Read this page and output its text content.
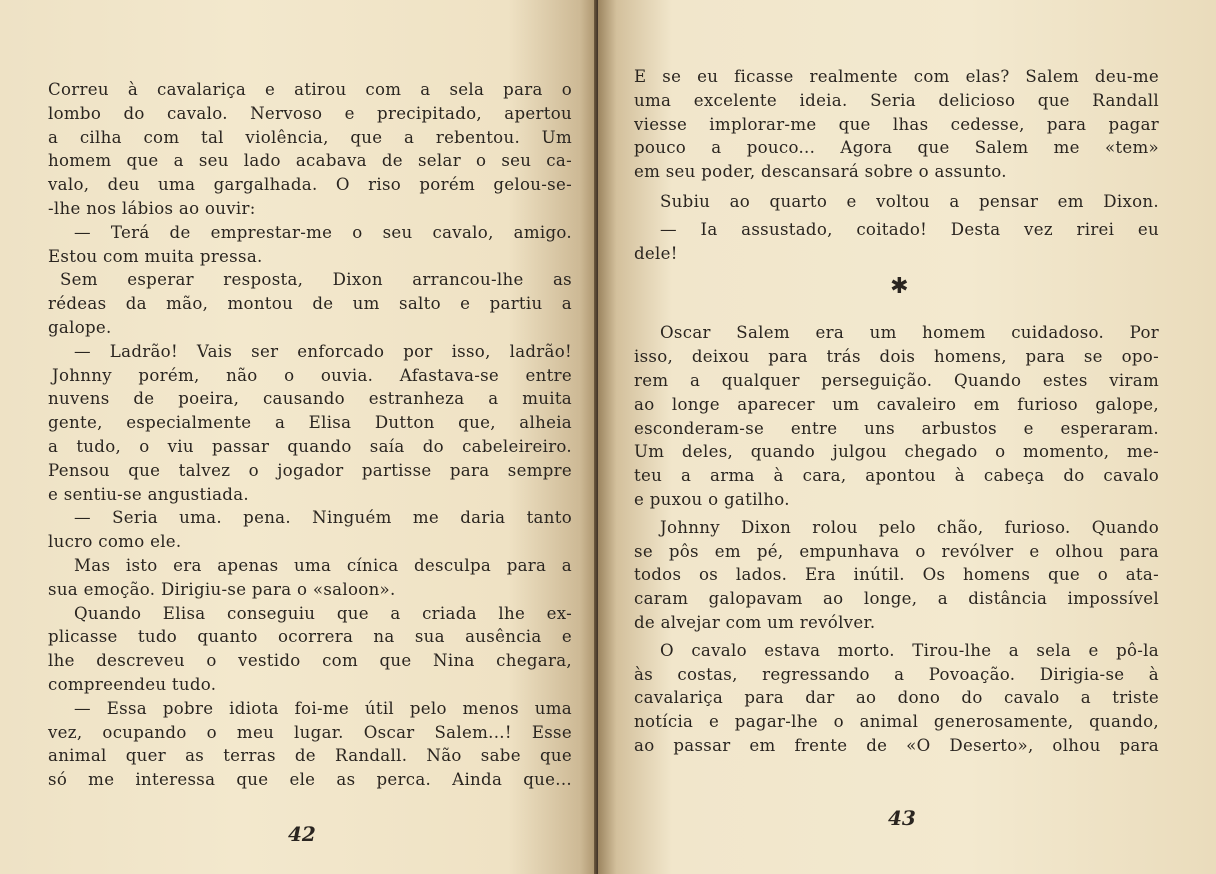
Correu à cavalariça e atirou com a sela para o
lombo do cavalo. Nervoso e precipitado, apertou
a cilha com tal violência, que a rebentou. Um
homem que a seu lado acabava de selar o seu ca-
valo, deu uma gargalhada. O riso porém gelou-se-
-lhe nos lábios ao ouvir:
— Terá de emprestar-me o seu cavalo, amigo.
Estou com muita pressa.
Sem esperar resposta, Dixon arrancou-lhe as
rédeas da mão, montou de um salto e partiu a
galope.
— Ladrão! Vais ser enforcado por isso, ladrão!
Johnny porém, não o ouvia. Afastava-se entre
nuvens de poeira, causando estranheza a muita
gente, especialmente a Elisa Dutton que, alheia
a tudo, o viu passar quando saía do cabeleireiro.
Pensou que talvez o jogador partisse para sempre
e sentiu-se angustiada.
— Seria uma. pena. Ninguém me daria tanto
lucro como ele.
Mas isto era apenas uma cínica desculpa para a
sua emoção. Dirigiu-se para o «saloon».
Quando Elisa conseguiu que a criada lhe ex-
plicasse tudo quanto ocorrera na sua ausência e
lhe descreveu o vestido com que Nina chegara,
compreendeu tudo.
— Essa pobre idiota foi-me útil pelo menos uma
vez, ocupando o meu lugar. Oscar Salem...! Esse
animal quer as terras de Randall. Não sabe que
só me interessa que ele as perca. Ainda que...
42
E se eu ficasse realmente com elas? Salem deu-me
uma excelente ideia. Seria delicioso que Randall
viesse implorar-me que lhas cedesse, para pagar
pouco a pouco... Agora que Salem me «tem»
em seu poder, descansará sobre o assunto.
Subiu ao quarto e voltou a pensar em Dixon.
— Ia assustado, coitado! Desta vez rirei eu
dele!
✱
Oscar Salem era um homem cuidadoso. Por
isso, deixou para trás dois homens, para se opo-
rem a qualquer perseguição. Quando estes viram
ao longe aparecer um cavaleiro em furioso galope,
esconderam-se entre uns arbustos e esperaram.
Um deles, quando julgou chegado o momento, me-
teu a arma à cara, apontou à cabeça do cavalo
e puxou o gatilho.
Johnny Dixon rolou pelo chão, furioso. Quando
se pôs em pé, empunhava o revólver e olhou para
todos os lados. Era inútil. Os homens que o ata-
caram galopavam ao longe, a distância impossível
de alvejar com um revólver.
O cavalo estava morto. Tirou-lhe a sela e pô-la
às costas, regressando a Povoação. Dirigia-se à
cavalariça para dar ao dono do cavalo a triste
notícia e pagar-lhe o animal generosamente, quando,
ao passar em frente de «O Deserto», olhou para
43
